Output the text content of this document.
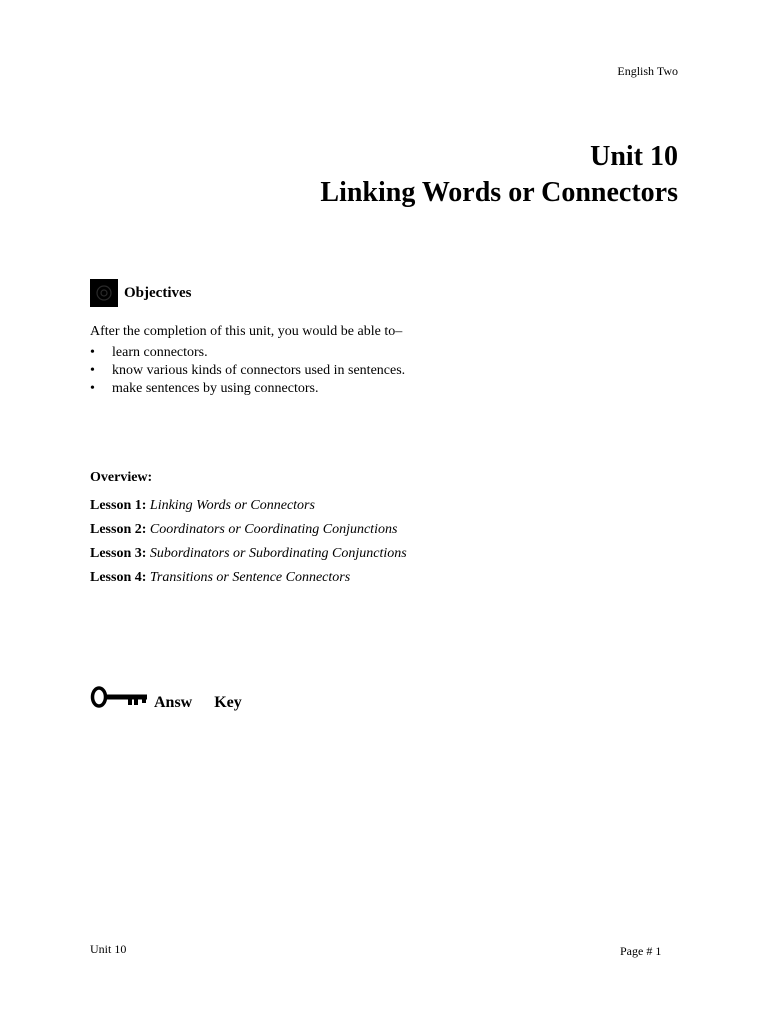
English Two
Unit 10
Linking Words or Connectors
Objectives
After the completion of this unit, you would be able to–
• learn connectors.
• know various kinds of connectors used in sentences.
• make sentences by using connectors.
Overview:
Lesson 1: Linking Words or Connectors
Lesson 2: Coordinators or Coordinating Conjunctions
Lesson 3: Subordinators or Subordinating Conjunctions Lesson 4: Transitions or Sentence Connectors
Answ Key
Unit 10	Page # 1
